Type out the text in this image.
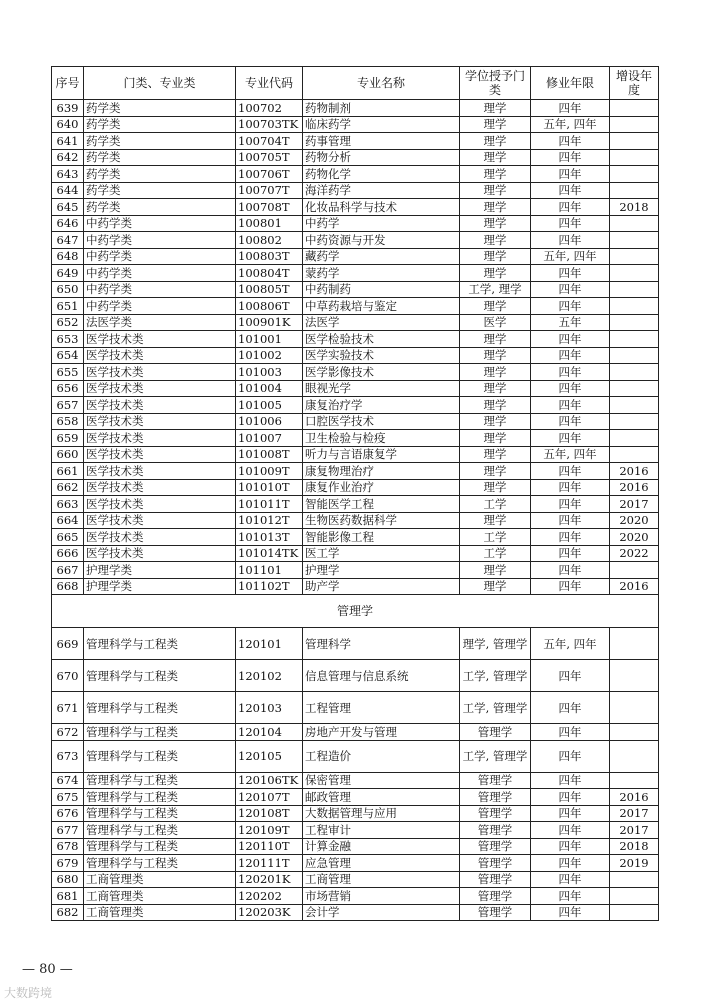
序号	门类、专业类	专业代码	专业名称	学位授予门类	修业年限	增设年度
639	药学类	100702	药物制剂	理学	四年	
640	药学类	100703TK	临床药学	理学	五年, 四年	
641	药学类	100704T	药事管理	理学	四年	
642	药学类	100705T	药物分析	理学	四年	
643	药学类	100706T	药物化学	理学	四年	
644	药学类	100707T	海洋药学	理学	四年	
645	药学类	100708T	化妆品科学与技术	理学	四年	2018
646	中药学类	100801	中药学	理学	四年	
647	中药学类	100802	中药资源与开发	理学	四年	
648	中药学类	100803T	藏药学	理学	五年, 四年	
649	中药学类	100804T	蒙药学	理学	四年	
650	中药学类	100805T	中药制药	工学, 理学	四年	
651	中药学类	100806T	中草药栽培与鉴定	理学	四年	
652	法医学类	100901K	法医学	医学	五年	
653	医学技术类	101001	医学检验技术	理学	四年	
654	医学技术类	101002	医学实验技术	理学	四年	
655	医学技术类	101003	医学影像技术	理学	四年	
656	医学技术类	101004	眼视光学	理学	四年	
657	医学技术类	101005	康复治疗学	理学	四年	
658	医学技术类	101006	口腔医学技术	理学	四年	
659	医学技术类	101007	卫生检验与检疫	理学	四年	
660	医学技术类	101008T	听力与言语康复学	理学	五年, 四年	
661	医学技术类	101009T	康复物理治疗	理学	四年	2016
662	医学技术类	101010T	康复作业治疗	理学	四年	2016
663	医学技术类	101011T	智能医学工程	工学	四年	2017
664	医学技术类	101012T	生物医药数据科学	理学	四年	2020
665	医学技术类	101013T	智能影像工程	工学	四年	2020
666	医学技术类	101014TK	医工学	工学	四年	2022
667	护理学类	101101	护理学	理学	四年	
668	护理学类	101102T	助产学	理学	四年	2016
管理学						
669	管理科学与工程类	120101	管理科学	理学, 管理学	五年, 四年	
670	管理科学与工程类	120102	信息管理与信息系统	工学, 管理学	四年	
671	管理科学与工程类	120103	工程管理	工学, 管理学	四年	
672	管理科学与工程类	120104	房地产开发与管理	管理学	四年	
673	管理科学与工程类	120105	工程造价	工学, 管理学	四年	
674	管理科学与工程类	120106TK	保密管理	管理学	四年	
675	管理科学与工程类	120107T	邮政管理	管理学	四年	2016
676	管理科学与工程类	120108T	大数据管理与应用	管理学	四年	2017
677	管理科学与工程类	120109T	工程审计	管理学	四年	2017
678	管理科学与工程类	120110T	计算金融	管理学	四年	2018
679	管理科学与工程类	120111T	应急管理	管理学	四年	2019
680	工商管理类	120201K	工商管理	管理学	四年	
681	工商管理类	120202	市场营销	管理学	四年	
682	工商管理类	120203K	会计学	管理学	四年	
— 80 —
大数跨境
